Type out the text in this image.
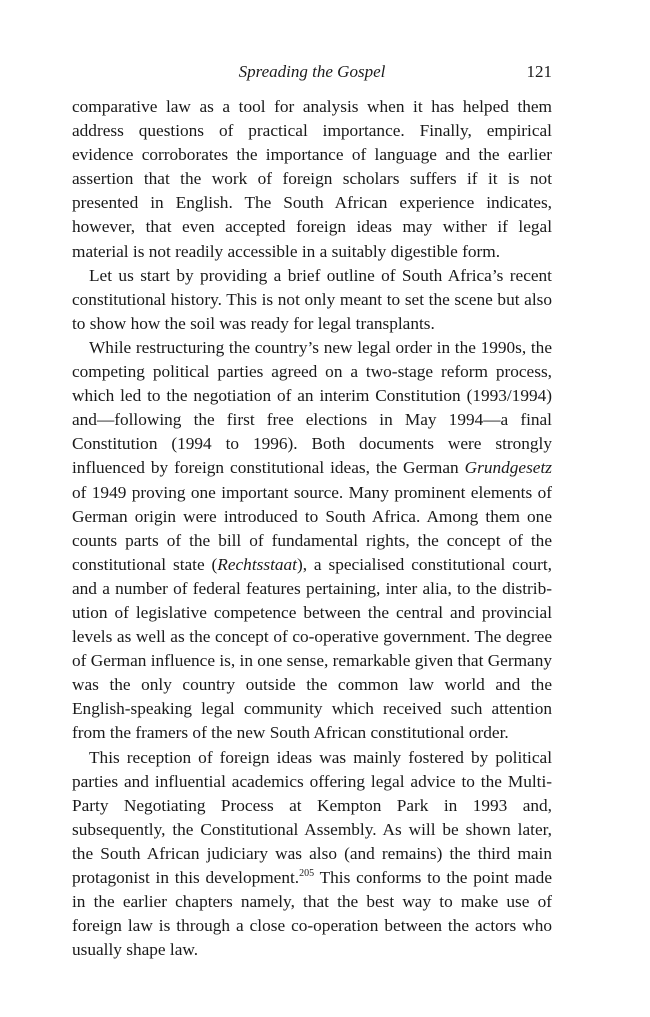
Spreading the Gospel	121

comparative law as a tool for analysis when it has helped them address questions of practical importance. Finally, empirical evidence corroborates the importance of language and the earlier assertion that the work of foreign scholars suffers if it is not presented in English. The South African experience indicates, however, that even accepted foreign ideas may wither if legal material is not readily accessible in a suitably digestible form.

Let us start by providing a brief outline of South Africa’s recent constitutional history. This is not only meant to set the scene but also to show how the soil was ready for legal transplants.

While restructuring the country’s new legal order in the 1990s, the competing political parties agreed on a two-stage reform process, which led to the negotiation of an interim Constitution (1993/1994) and—following the first free elections in May 1994—a final Constitution (1994 to 1996). Both documents were strongly influenced by foreign constitutional ideas, the German Grundgesetz of 1949 proving one important source. Many prominent elements of German origin were introduced to South Africa. Among them one counts parts of the bill of fundamental rights, the concept of the constitutional state (Rechtsstaat), a specialised constitutional court, and a number of federal features pertaining, inter alia, to the distribution of legislative competence between the central and provincial levels as well as the concept of co-operative government. The degree of German influence is, in one sense, remarkable given that Germany was the only country outside the common law world and the English-speaking legal community which received such attention from the framers of the new South African constitutional order.

This reception of foreign ideas was mainly fostered by political parties and influential academics offering legal advice to the Multi-Party Negotiating Process at Kempton Park in 1993 and, subsequently, the Constitutional Assembly. As will be shown later, the South African judiciary was also (and remains) the third main protagonist in this development.$^{205}$ This conforms to the point made in the earlier chapters namely, that the best way to make use of foreign law is through a close co-operation between the actors who usually shape law.
